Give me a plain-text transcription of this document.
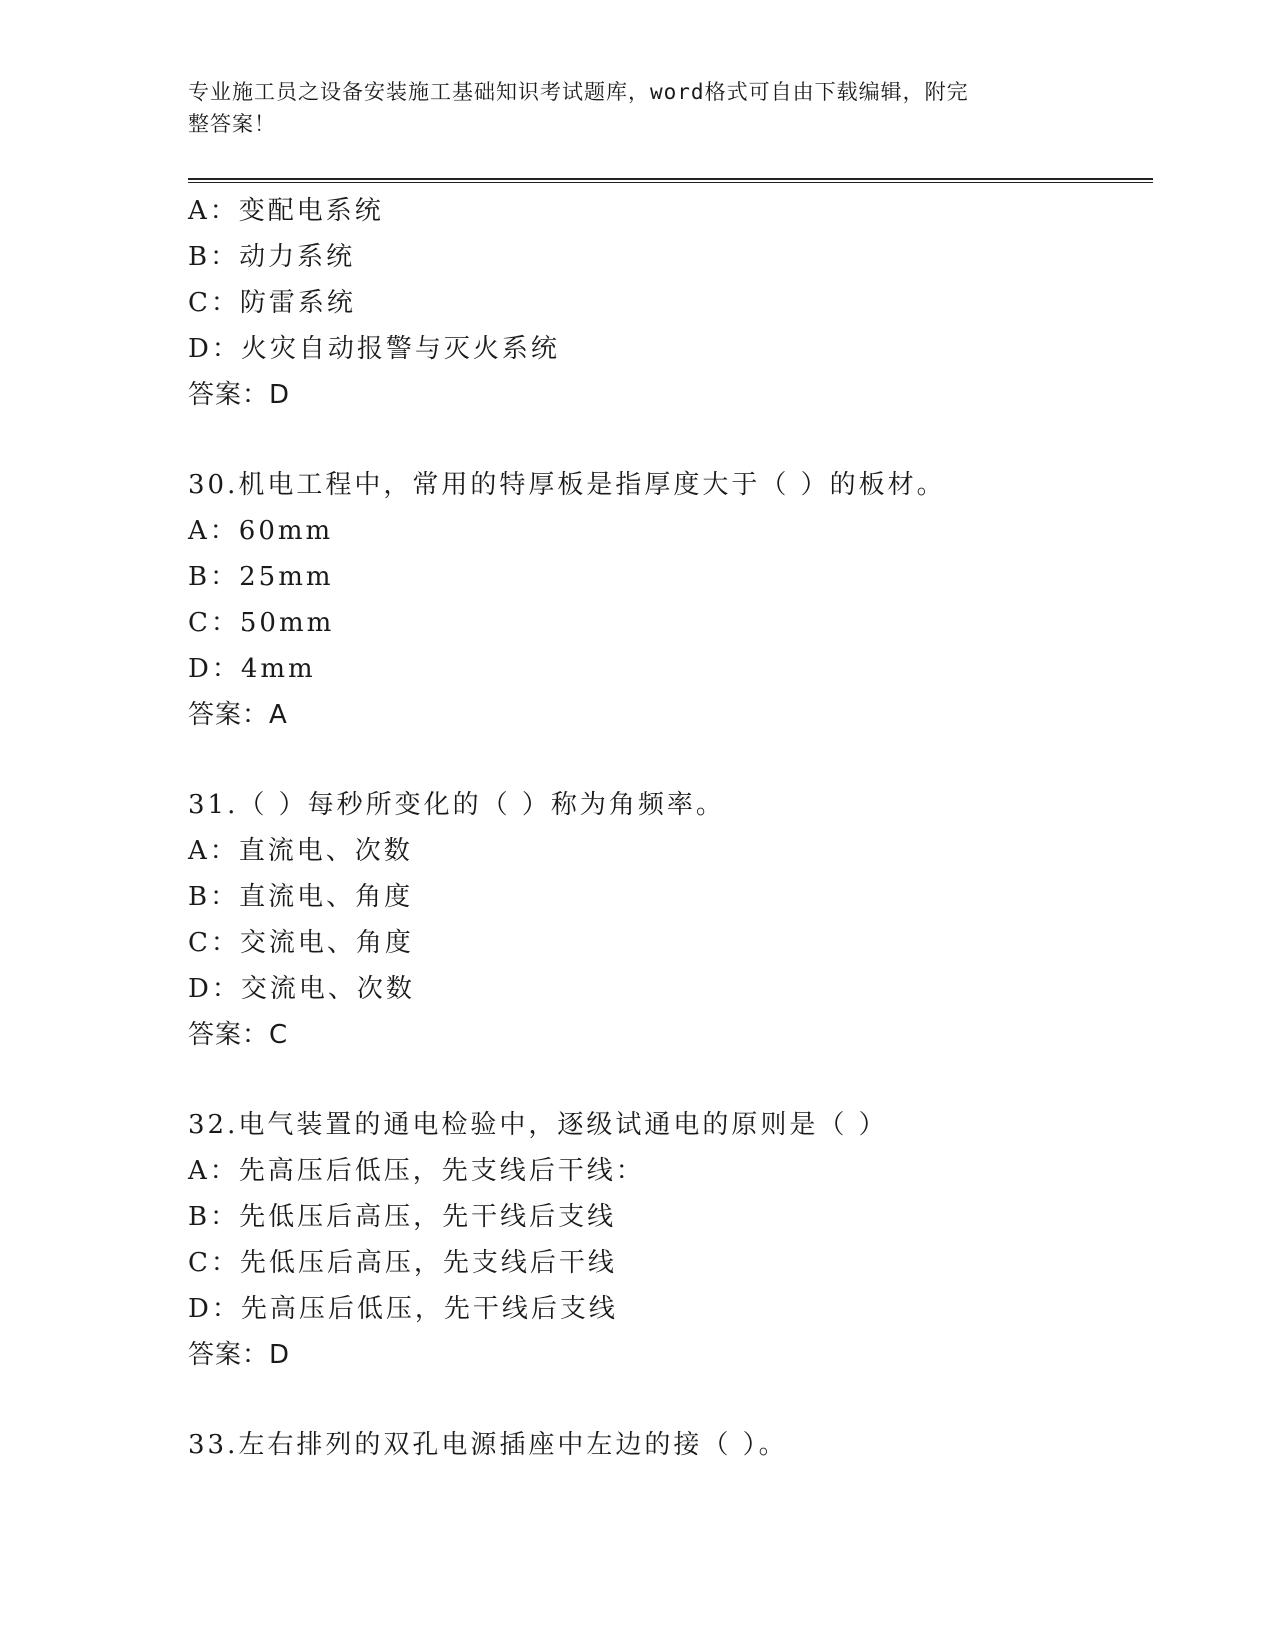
专业施工员之设备安装施工基础知识考试题库，word格式可自由下载编辑，附完
整答案！
A：变配电系统
B：动力系统
C：防雷系统
D：火灾自动报警与灭火系统
答案：D
30.机电工程中，常用的特厚板是指厚度大于（ ）的板材。
A：60mm
B：25mm
C：50mm
D：4mm
答案：A
31.（ ）每秒所变化的（ ）称为角频率。
A：直流电、次数
B：直流电、角度
C：交流电、角度
D：交流电、次数
答案：C
32.电气装置的通电检验中，逐级试通电的原则是（ ）
A：先高压后低压，先支线后干线：
B：先低压后高压，先干线后支线
C：先低压后高压，先支线后干线
D：先高压后低压，先干线后支线
答案：D
33.左右排列的双孔电源插座中左边的接（ ）。
